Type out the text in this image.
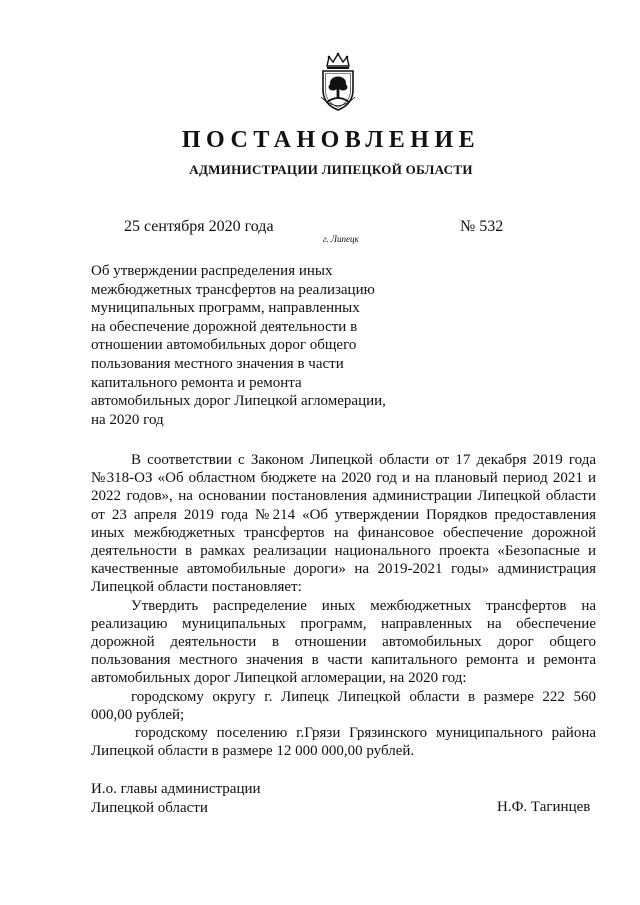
ПОСТАНОВЛЕНИЕ
АДМИНИСТРАЦИИ ЛИПЕЦКОЙ ОБЛАСТИ
25 сентября 2020 года
г. Липецк
№ 532
Об утверждении распределения иных
межбюджетных трансфертов на реализацию
муниципальных программ, направленных
на обеспечение дорожной деятельности в
отношении автомобильных дорог общего
пользования местного значения в части
капитального ремонта и ремонта
автомобильных дорог Липецкой агломерации,
на 2020 год

В соответствии с Законом Липецкой области от 17 декабря 2019 года №318-ОЗ «Об областном бюджете на 2020 год и на плановый период 2021 и 2022 годов», на основании постановления администрации Липецкой области от 23 апреля 2019 года №214 «Об утверждении Порядков предоставления иных межбюджетных трансфертов на финансовое обеспечение дорожной деятельности в рамках реализации национального проекта «Безопасные и качественные автомобильные дороги» на 2019-2021 годы» администрация Липецкой области постановляет:

Утвердить распределение иных межбюджетных трансфертов на реализацию муниципальных программ, направленных на обеспечение дорожной деятельности в отношении автомобильных дорог общего пользования местного значения в части капитального ремонта и ремонта автомобильных дорог Липецкой агломерации, на 2020 год:

городскому округу г. Липецк Липецкой области в размере 222 560 000,00 рублей;

городскому поселению г.Грязи Грязинского муниципального района Липецкой области в размере 12 000 000,00 рублей.

И.о. главы администрации
Липецкой области	Н.Ф. Тагинцев
